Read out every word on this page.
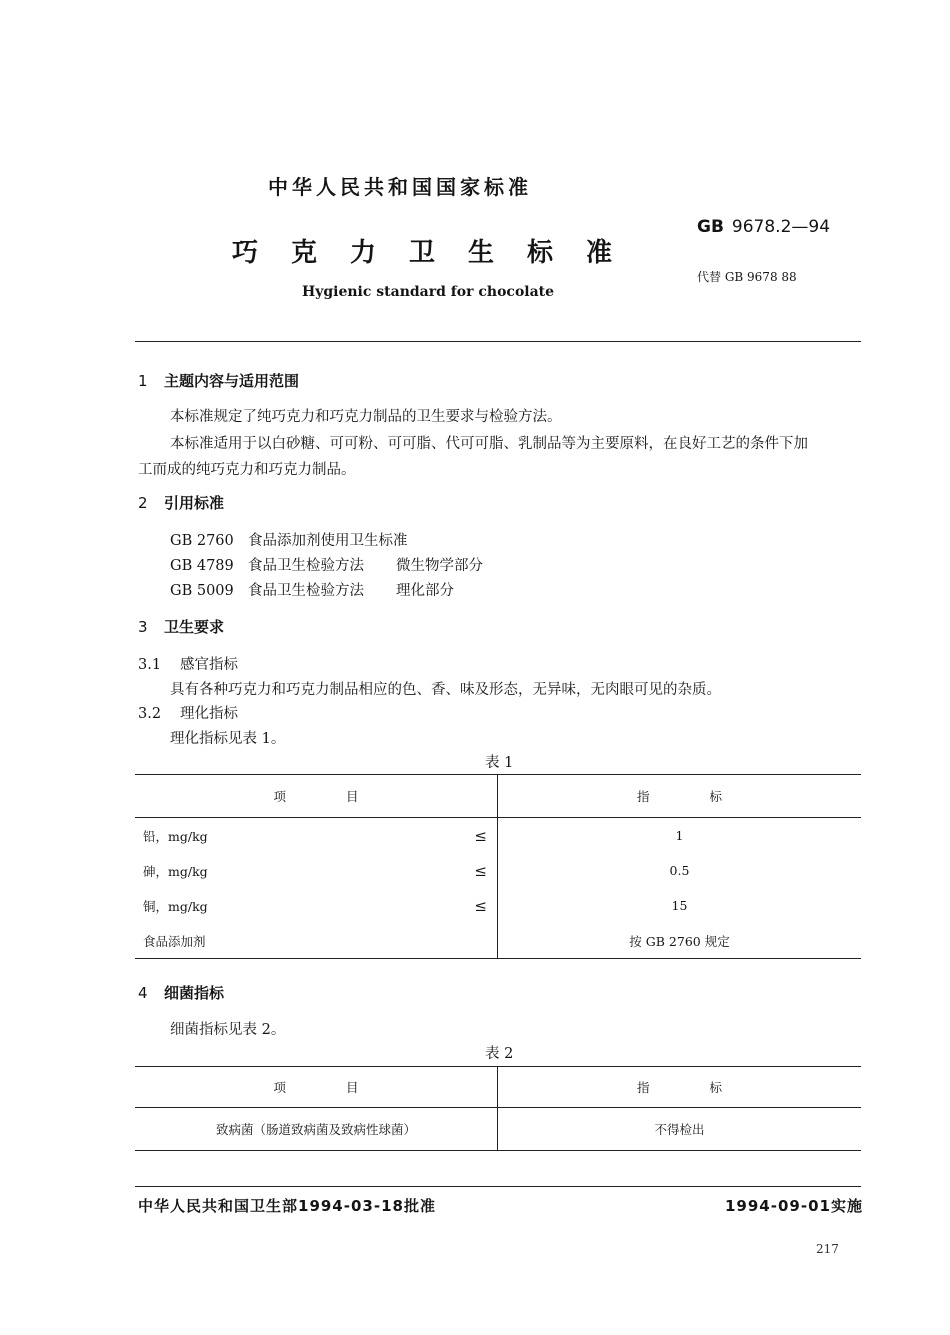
中华人民共和国国家标准
巧克力卫生标准
Hygienic standard for chocolate
GB 9678.2—94
代替 GB 9678 88
1 主题内容与适用范围
本标准规定了纯巧克力和巧克力制品的卫生要求与检验方法。
本标准适用于以白砂糖、可可粉、可可脂、代可可脂、乳制品等为主要原料，在良好工艺的条件下加
工而成的纯巧克力和巧克力制品。
2 引用标准
GB 2760 食品添加剂使用卫生标准
GB 4789 食品卫生检验方法 微生物学部分
GB 5009 食品卫生检验方法 理化部分
3 卫生要求
3.1 感官指标
具有各种巧克力和巧克力制品相应的色、香、味及形态，无异味，无肉眼可见的杂质。
3.2 理化指标
理化指标见表 1。
表 1
项 目	指 标
铅，mg/kg ≤	1
砷，mg/kg ≤	0.5
铜，mg/kg ≤	15
食品添加剂	按 GB 2760 规定
4 细菌指标
细菌指标见表 2。
表 2
项 目	指 标
致病菌（肠道致病菌及致病性球菌）	不得检出
中华人民共和国卫生部1994-03-18批准	1994-09-01实施
217
